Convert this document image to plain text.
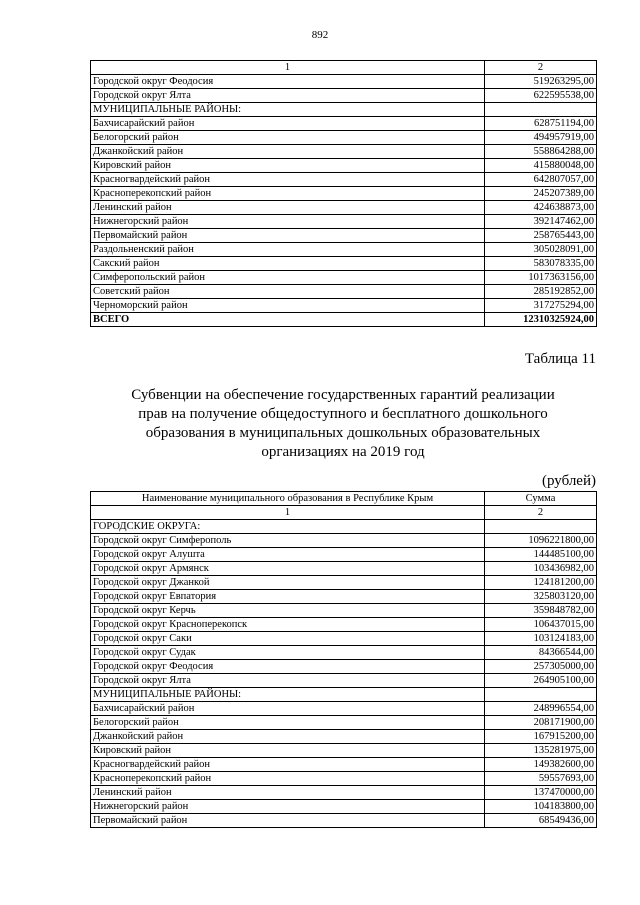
892
1	2
Городской округ Феодосия	519263295,00
Городской округ Ялта	622595538,00
МУНИЦИПАЛЬНЫЕ РАЙОНЫ:	
Бахчисарайский район	628751194,00
Белогорский район	494957919,00
Джанкойский район	558864288,00
Кировский район	415880048,00
Красногвардейский район	642807057,00
Красноперекопский район	245207389,00
Ленинский район	424638873,00
Нижнегорский район	392147462,00
Первомайский район	258765443,00
Раздольненский район	305028091,00
Сакский район	583078335,00
Симферопольский район	1017363156,00
Советский район	285192852,00
Черноморский район	317275294,00
ВСЕГО	12310325924,00
Таблица 11
Субвенции на обеспечение государственных гарантий реализации
прав на получение общедоступного и бесплатного дошкольного
образования в муниципальных дошкольных образовательных
организациях на 2019 год
(рублей)
Наименование муниципального образования в Республике Крым	Сумма
1	2
ГОРОДСКИЕ ОКРУГА:	
Городской округ Симферополь	1096221800,00
Городской округ Алушта	144485100,00
Городской округ Армянск	103436982,00
Городской округ Джанкой	124181200,00
Городской округ Евпатория	325803120,00
Городской округ Керчь	359848782,00
Городской округ Красноперекопск	106437015,00
Городской округ Саки	103124183,00
Городской округ Судак	84366544,00
Городской округ Феодосия	257305000,00
Городской округ Ялта	264905100,00
МУНИЦИПАЛЬНЫЕ РАЙОНЫ:	
Бахчисарайский район	248996554,00
Белогорский район	208171900,00
Джанкойский район	167915200,00
Кировский район	135281975,00
Красногвардейский район	149382600,00
Красноперекопский район	59557693,00
Ленинский район	137470000,00
Нижнегорский район	104183800,00
Первомайский район	68549436,00
